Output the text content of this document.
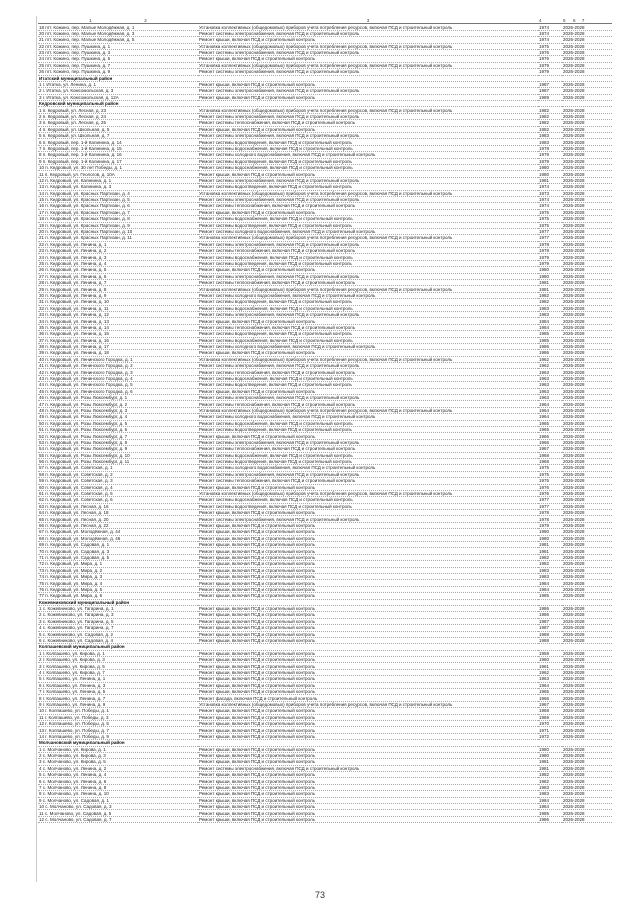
1 2	3	4	5 6 7
18 пгт. Кожино, пер. Малые Молодёжная, д. 1	Установка коллективных (общедомовых) приборов учета потребления ресурсов, включая ПСД и строительный контроль	1974	2026-2028
20 пгт. Кожино, пер. Малые Молодёжная, д. 3	Ремонт системы электроснабжения, включая ПСД и строительный контроль	1974	2026-2028
21 пгт. Кожино, пер. Малые Молодёжная, д. 5	Ремонт крыши, включая ПСД и строительный контроль	1974	2026-2028
22 пгт. Кожино, пер. Пушкина, д. 1	Установка коллективных (общедомовых) приборов учета потребления ресурсов, включая ПСД и строительный контроль	1975	2026-2028
23 пгт. Кожино, пер. Пушкина, д. 3	Ремонт системы электроснабжения, включая ПСД и строительный контроль	1976	2026-2028
24 пгт. Кожино, пер. Пушкина, д. 5	Ремонт крыши, включая ПСД и строительный контроль	1976	2026-2028
25 пгт. Кожино, пер. Пушкина, д. 7	Установка коллективных (общедомовых) приборов учета потребления ресурсов, включая ПСД и строительный контроль	1979	2026-2028
26 пгт. Кожино, пер. Пушкина, д. 9	Ремонт системы электроснабжения, включая ПСД и строительный контроль	1979	2026-2028
Итатский муниципальный район			
1 г. Итатка, ул. Ленина, д. 1	Ремонт крыши, включая ПСД и строительный контроль	1987	2026-2028
2 г. Итатка, ул. Комсомольская, д. 3	Ремонт системы электроснабжения, включая ПСД и строительный контроль	1987	2026-2028
3 г. Итатка, ул. Комсомольская, д. 12А	Ремонт крыши, включая ПСД и строительный контроль	1989	2026-2028
Кедровский муниципальный район			
1 п. Кедровый, ул. Лесная, д. 23	Установка коллективных (общедомовых) приборов учета потребления ресурсов, включая ПСД и строительный контроль	1982	2026-2028
2 п. Кедровый, ул. Лесная, д. 24	Ремонт системы электроснабжения, включая ПСД и строительный контроль	1982	2026-2028
3 п. Кедровый, ул. Лесная, д. 25	Ремонт системы теплоснабжения, включая ПСД и строительный контроль	1982	2026-2028
4 п. Кедровый, ул. Школьная, д. 5	Ремонт крыши, включая ПСД и строительный контроль	1982	2026-2028
5 п. Кедровый, ул. Школьная, д. 7	Ремонт системы электроснабжения, включая ПСД и строительный контроль	1983	2026-2028
6 п. Кедровый, пер. 1-й Калинина, д. 14	Ремонт системы водоотведения, включая ПСД и строительный контроль	1983	2026-2028
7 п. Кедровый, пер. 1-й Калинина, д. 15	Ремонт системы водоснабжения, включая ПСД и строительный контроль	1978	2026-2028
8 п. Кедровый, пер. 1-й Калинина, д. 16	Ремонт системы холодного водоснабжения, включая ПСД и строительный контроль	1979	2026-2028
9 п. Кедровый, пер. 1-й Калинина, д. 17	Ремонт системы водоотведения, включая ПСД и строительный контроль	1979	2026-2028
10 п. Кедровый, ул. 30 лет Победы, д. 1	Ремонт системы водоснабжения, включая ПСД и строительный контроль	1980	2026-2028
11 п. Кедровый, ул. Геологов, д. 10А	Ремонт крыши, включая ПСД и строительный контроль	1980	2026-2028
12 п. Кедровый, ул. Калинина, д. 1	Ремонт системы электроснабжения, включая ПСД и строительный контроль	1981	2026-2028
13 п. Кедровый, ул. Калинина, д. 3	Ремонт системы водоотведения, включая ПСД и строительный контроль	1974	2026-2028
14 п. Кедровый, ул. Красных Партизан, д. 4	Установка коллективных (общедомовых) приборов учета потребления ресурсов, включая ПСД и строительный контроль	1973	2026-2028
15 п. Кедровый, ул. Красных Партизан, д. 5	Ремонт системы электроснабжения, включая ПСД и строительный контроль	1974	2026-2028
16 п. Кедровый, ул. Красных Партизан, д. 6	Ремонт системы теплоснабжения, включая ПСД и строительный контроль	1974	2026-2028
17 п. Кедровый, ул. Красных Партизан, д. 7	Ремонт крыши, включая ПСД и строительный контроль	1975	2026-2028
18 п. Кедровый, ул. Красных Партизан, д. 8	Ремонт системы водоснабжения, включая ПСД и строительный контроль	1975	2026-2028
19 п. Кедровый, ул. Красных Партизан, д. 9	Ремонт системы водоотведения, включая ПСД и строительный контроль	1975	2026-2028
20 п. Кедровый, ул. Красных Партизан, д. 10	Ремонт системы холодного водоснабжения, включая ПСД и строительный контроль	1977	2026-2028
21 п. Кедровый, ул. Красных Партизан, д. 11	Установка коллективных (общедомовых) приборов учета потребления ресурсов, включая ПСД и строительный контроль	1977	2026-2028
22 п. Кедровый, ул. Ленина, д. 1	Ремонт системы электроснабжения, включая ПСД и строительный контроль	1978	2026-2028
23 п. Кедровый, ул. Ленина, д. 2	Ремонт системы теплоснабжения, включая ПСД и строительный контроль	1978	2026-2028
24 п. Кедровый, ул. Ленина, д. 3	Ремонт системы водоснабжения, включая ПСД и строительный контроль	1979	2026-2028
25 п. Кедровый, ул. Ленина, д. 4	Ремонт системы водоотведения, включая ПСД и строительный контроль	1979	2026-2028
26 п. Кедровый, ул. Ленина, д. 5	Ремонт крыши, включая ПСД и строительный контроль	1980	2026-2028
27 п. Кедровый, ул. Ленина, д. 6	Ремонт системы электроснабжения, включая ПСД и строительный контроль	1980	2026-2028
28 п. Кедровый, ул. Ленина, д. 7	Ремонт системы теплоснабжения, включая ПСД и строительный контроль	1981	2026-2028
29 п. Кедровый, ул. Ленина, д. 8	Установка коллективных (общедомовых) приборов учета потребления ресурсов, включая ПСД и строительный контроль	1981	2026-2028
30 п. Кедровый, ул. Ленина, д. 9	Ремонт системы холодного водоснабжения, включая ПСД и строительный контроль	1982	2026-2028
31 п. Кедровый, ул. Ленина, д. 10	Ремонт системы водоотведения, включая ПСД и строительный контроль	1982	2026-2028
32 п. Кедровый, ул. Ленина, д. 11	Ремонт системы водоснабжения, включая ПСД и строительный контроль	1983	2026-2028
33 п. Кедровый, ул. Ленина, д. 12	Ремонт системы электроснабжения, включая ПСД и строительный контроль	1983	2026-2028
34 п. Кедровый, ул. Ленина, д. 13	Ремонт крыши, включая ПСД и строительный контроль	1984	2026-2028
35 п. Кедровый, ул. Ленина, д. 14	Ремонт системы теплоснабжения, включая ПСД и строительный контроль	1984	2026-2028
36 п. Кедровый, ул. Ленина, д. 15	Ремонт системы водоотведения, включая ПСД и строительный контроль	1985	2026-2028
37 п. Кедровый, ул. Ленина, д. 16	Ремонт системы водоснабжения, включая ПСД и строительный контроль	1985	2026-2028
38 п. Кедровый, ул. Ленина, д. 17	Ремонт системы холодного водоснабжения, включая ПСД и строительный контроль	1986	2026-2028
39 п. Кедровый, ул. Ленина, д. 18	Ремонт крыши, включая ПСД и строительный контроль	1986	2026-2028
40 п. Кедровый, ул. Ленинского Городка, д. 1	Установка коллективных (общедомовых) приборов учета потребления ресурсов, включая ПСД и строительный контроль	1962	2026-2028
41 п. Кедровый, ул. Ленинского Городка, д. 2	Ремонт системы электроснабжения, включая ПСД и строительный контроль	1962	2026-2028
42 п. Кедровый, ул. Ленинского Городка, д. 3	Ремонт системы теплоснабжения, включая ПСД и строительный контроль	1963	2026-2028
43 п. Кедровый, ул. Ленинского Городка, д. 4	Ремонт системы водоснабжения, включая ПСД и строительный контроль	1963	2026-2028
44 п. Кедровый, ул. Ленинского Городка, д. 5	Ремонт системы водоотведения, включая ПСД и строительный контроль	1963	2026-2028
45 п. Кедровый, ул. Ленинского Городка, д. 6	Ремонт крыши, включая ПСД и строительный контроль	1963	2026-2028
46 п. Кедровый, ул. Розы Люксембург, д. 1	Ремонт системы электроснабжения, включая ПСД и строительный контроль	1963	2026-2028
47 п. Кедровый, ул. Розы Люксембург, д. 2	Ремонт системы теплоснабжения, включая ПСД и строительный контроль	1964	2026-2028
48 п. Кедровый, ул. Розы Люксембург, д. 3	Установка коллективных (общедомовых) приборов учета потребления ресурсов, включая ПСД и строительный контроль	1964	2026-2028
49 п. Кедровый, ул. Розы Люксембург, д. 4	Ремонт системы холодного водоснабжения, включая ПСД и строительный контроль	1964	2026-2028
50 п. Кедровый, ул. Розы Люксембург, д. 5	Ремонт системы водоснабжения, включая ПСД и строительный контроль	1965	2026-2028
51 п. Кедровый, ул. Розы Люксембург, д. 6	Ремонт системы водоотведения, включая ПСД и строительный контроль	1965	2026-2028
52 п. Кедровый, ул. Розы Люксембург, д. 7	Ремонт крыши, включая ПСД и строительный контроль	1966	2026-2028
53 п. Кедровый, ул. Розы Люксембург, д. 8	Ремонт системы электроснабжения, включая ПСД и строительный контроль	1966	2026-2028
54 п. Кедровый, ул. Розы Люксембург, д. 9	Ремонт системы теплоснабжения, включая ПСД и строительный контроль	1967	2026-2028
55 п. Кедровый, ул. Розы Люксембург, д. 10	Ремонт системы водоснабжения, включая ПСД и строительный контроль	1968	2026-2028
56 п. Кедровый, ул. Розы Люксембург, д. 11	Ремонт системы водоотведения, включая ПСД и строительный контроль	1968	2026-2028
57 п. Кедровый, ул. Советская, д. 1	Ремонт системы холодного водоснабжения, включая ПСД и строительный контроль	1975	2026-2028
58 п. Кедровый, ул. Советская, д. 2	Ремонт системы электроснабжения, включая ПСД и строительный контроль	1975	2026-2028
59 п. Кедровый, ул. Советская, д. 3	Ремонт системы теплоснабжения, включая ПСД и строительный контроль	1975	2026-2028
60 п. Кедровый, ул. Советская, д. 4	Ремонт крыши, включая ПСД и строительный контроль	1976	2026-2028
61 п. Кедровый, ул. Советская, д. 5	Установка коллективных (общедомовых) приборов учета потребления ресурсов, включая ПСД и строительный контроль	1976	2026-2028
62 п. Кедровый, ул. Советская, д. 6	Ремонт системы водоснабжения, включая ПСД и строительный контроль	1977	2026-2028
63 п. Кедровый, ул. Лесная, д. 16	Ремонт системы водоотведения, включая ПСД и строительный контроль	1977	2026-2028
64 п. Кедровый, ул. Лесная, д. 18	Ремонт крыши, включая ПСД и строительный контроль	1978	2026-2028
65 п. Кедровый, ул. Лесная, д. 20	Ремонт системы электроснабжения, включая ПСД и строительный контроль	1978	2026-2028
66 п. Кедровый, ул. Лесная, д. 22	Ремонт крыши, включая ПСД и строительный контроль	1979	2026-2028
67 п. Кедровый, ул. Молодёжная, д. 44	Ремонт крыши, включая ПСД и строительный контроль	1980	2026-2028
68 п. Кедровый, ул. Молодёжная, д. 46	Ремонт крыши, включая ПСД и строительный контроль	1980	2026-2028
69 п. Кедровый, ул. Садовая, д. 1	Ремонт крыши, включая ПСД и строительный контроль	1981	2026-2028
70 п. Кедровый, ул. Садовая, д. 3	Ремонт крыши, включая ПСД и строительный контроль	1981	2026-2028
71 п. Кедровый, ул. Садовая, д. 5	Ремонт крыши, включая ПСД и строительный контроль	1982	2026-2028
72 п. Кедровый, ул. Мира, д. 1	Ремонт крыши, включая ПСД и строительный контроль	1982	2026-2028
73 п. Кедровый, ул. Мира, д. 2	Ремонт крыши, включая ПСД и строительный контроль	1983	2026-2028
74 п. Кедровый, ул. Мира, д. 3	Ремонт крыши, включая ПСД и строительный контроль	1983	2026-2028
75 п. Кедровый, ул. Мира, д. 4	Ремонт крыши, включая ПСД и строительный контроль	1984	2026-2028
76 п. Кедровый, ул. Мира, д. 5	Ремонт крыши, включая ПСД и строительный контроль	1984	2026-2028
77 п. Кедровый, ул. Мира, д. 6	Ремонт крыши, включая ПСД и строительный контроль	1985	2026-2028
Кожевниковский муниципальный район			
1 с. Кожевниково, ул. Гагарина, д. 1	Ремонт крыши, включая ПСД и строительный контроль	1986	2026-2028
2 с. Кожевниково, ул. Гагарина, д. 3	Ремонт крыши, включая ПСД и строительный контроль	1986	2026-2028
3 с. Кожевниково, ул. Гагарина, д. 5	Ремонт крыши, включая ПСД и строительный контроль	1987	2026-2028
4 с. Кожевниково, ул. Гагарина, д. 7	Ремонт крыши, включая ПСД и строительный контроль	1987	2026-2028
5 с. Кожевниково, ул. Садовая, д. 2	Ремонт крыши, включая ПСД и строительный контроль	1988	2026-2028
6 с. Кожевниково, ул. Садовая, д. 4	Ремонт крыши, включая ПСД и строительный контроль	1988	2026-2028
Колпашевский муниципальный район			
1 г. Колпашево, ул. Кирова, д. 1	Ремонт крыши, включая ПСД и строительный контроль	1959	2026-2028
2 г. Колпашево, ул. Кирова, д. 3	Ремонт крыши, включая ПСД и строительный контроль	1960	2026-2028
3 г. Колпашево, ул. Кирова, д. 5	Ремонт крыши, включая ПСД и строительный контроль	1961	2026-2028
4 г. Колпашево, ул. Кирова, д. 7	Ремонт крыши, включая ПСД и строительный контроль	1962	2026-2028
5 г. Колпашево, ул. Ленина, д. 1	Ремонт крыши, включая ПСД и строительный контроль	1963	2026-2028
6 г. Колпашево, ул. Ленина, д. 3	Ремонт крыши, включая ПСД и строительный контроль	1964	2026-2028
7 г. Колпашево, ул. Ленина, д. 5	Ремонт крыши, включая ПСД и строительный контроль	1965	2026-2028
8 г. Колпашево, ул. Ленина, д. 7	Ремонт фасада, включая ПСД и строительный контроль	1966	2026-2028
9 г. Колпашево, ул. Ленина, д. 9	Установка коллективных (общедомовых) приборов учета потребления ресурсов, включая ПСД и строительный контроль	1967	2026-2028
10 г. Колпашево, ул. Победы, д. 1	Ремонт крыши, включая ПСД и строительный контроль	1968	2026-2028
11 г. Колпашево, ул. Победы, д. 3	Ремонт крыши, включая ПСД и строительный контроль	1969	2026-2028
12 г. Колпашево, ул. Победы, д. 5	Ремонт крыши, включая ПСД и строительный контроль	1970	2026-2028
13 г. Колпашево, ул. Победы, д. 7	Ремонт крыши, включая ПСД и строительный контроль	1971	2026-2028
14 г. Колпашево, ул. Победы, д. 9	Ремонт крыши, включая ПСД и строительный контроль	1972	2026-2028
Молчановский муниципальный район			
1 с. Молчаново, ул. Кирова, д. 1	Ремонт крыши, включая ПСД и строительный контроль	1980	2026-2028
2 с. Молчаново, ул. Кирова, д. 3	Ремонт крыши, включая ПСД и строительный контроль	1980	2026-2028
3 с. Молчаново, ул. Кирова, д. 5	Ремонт крыши, включая ПСД и строительный контроль	1981	2026-2028
4 с. Молчаново, ул. Ленина, д. 2	Ремонт системы электроснабжения, включая ПСД и строительный контроль	1981	2026-2028
5 с. Молчаново, ул. Ленина, д. 4	Ремонт крыши, включая ПСД и строительный контроль	1982	2026-2028
6 с. Молчаново, ул. Ленина, д. 6	Ремонт крыши, включая ПСД и строительный контроль	1982	2026-2028
7 с. Молчаново, ул. Ленина, д. 8	Ремонт крыши, включая ПСД и строительный контроль	1983	2026-2028
8 с. Молчаново, ул. Ленина, д. 10	Ремонт крыши, включая ПСД и строительный контроль	1983	2026-2028
9 с. Молчаново, ул. Садовая, д. 1	Ремонт крыши, включая ПСД и строительный контроль	1984	2026-2028
10 с. Молчаново, ул. Садовая, д. 3	Ремонт крыши, включая ПСД и строительный контроль	1984	2026-2028
11 с. Молчаново, ул. Садовая, д. 5	Ремонт крыши, включая ПСД и строительный контроль	1985	2026-2028
12 с. Молчаново, ул. Садовая, д. 7	Ремонт крыши, включая ПСД и строительный контроль	1986	2026-2028
73
